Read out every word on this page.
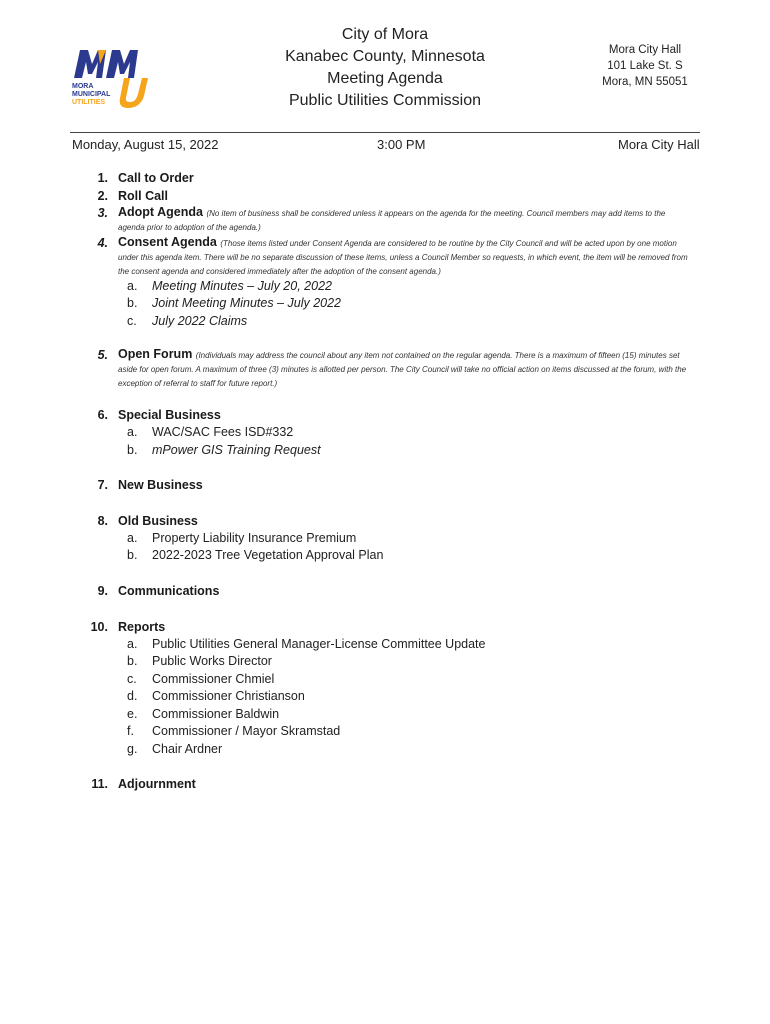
MORA
MUNICIPAL
UTILITIES
City of Mora
Kanabec County, Minnesota
Meeting Agenda
Public Utilities Commission
Mora City Hall
101 Lake St. S
Mora, MN 55051
Monday, August 15, 2022	3:00 PM	Mora City Hall
1. Call to Order
2. Roll Call
3. Adopt Agenda (No item of business shall be considered unless it appears on the agenda for the meeting. Council members may add items to the agenda prior to adoption of the agenda.)
4. Consent Agenda (Those items listed under Consent Agenda are considered to be routine by the City Council and will be acted upon by one motion under this agenda item. There will be no separate discussion of these items, unless a Council Member so requests, in which event, the item will be removed from the consent agenda and considered immediately after the adoption of the consent agenda.)
a. Meeting Minutes – July 20, 2022
b. Joint Meeting Minutes – July 2022
c. July 2022 Claims
5. Open Forum (Individuals may address the council about any item not contained on the regular agenda. There is a maximum of fifteen (15) minutes set aside for open forum. A maximum of three (3) minutes is allotted per person. The City Council will take no official action on items discussed at the forum, with the exception of referral to staff for future report.)
6. Special Business
a. WAC/SAC Fees ISD#332
b. mPower GIS Training Request
7. New Business
8. Old Business
a. Property Liability Insurance Premium
b. 2022-2023 Tree Vegetation Approval Plan
9. Communications
10. Reports
a. Public Utilities General Manager-License Committee Update
b. Public Works Director
c. Commissioner Chmiel
d. Commissioner Christianson
e. Commissioner Baldwin
f. Commissioner / Mayor Skramstad
g. Chair Ardner
11. Adjournment
